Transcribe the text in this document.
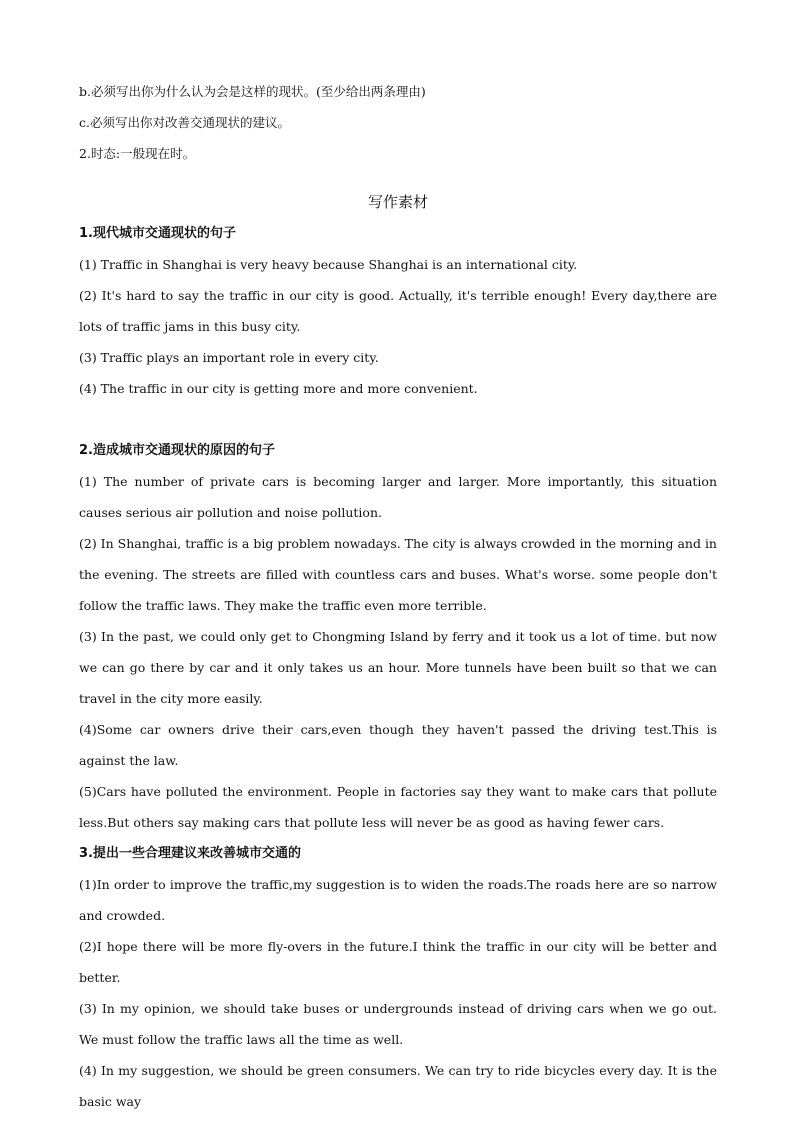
b.必须写出你为什么认为会是这样的现状。(至少给出两条理由)

c.必须写出你对改善交通现状的建议。

2.时态:一般现在时。

写作素材
1.现代城市交通现状的句子

(1) Traffic in Shanghai is very heavy because Shanghai is an international city.

(2) It's hard to say the traffic in our city is good. Actually, it's terrible enough! Every day,there are lots of traffic jams in this busy city.

(3) Traffic plays an important role in every city.

(4) The traffic in our city is getting more and more convenient.

2.造成城市交通现状的原因的句子

(1) The number of private cars is becoming larger and larger. More importantly, this situation causes serious air pollution and noise pollution.

(2) In Shanghai, traffic is a big problem nowadays. The city is always crowded in the morning and in the evening. The streets are filled with countless cars and buses. What's worse. some people don't follow the traffic laws. They make the traffic even more terrible.

(3) In the past, we could only get to Chongming Island by ferry and it took us a lot of time. but now we can go there by car and it only takes us an hour. More tunnels have been built so that we can travel in the city more easily.

(4)Some car owners drive their cars,even though they haven't passed the driving test.This is against the law.

(5)Cars have polluted the environment. People in factories say they want to make cars that pollute less.But others say making cars that pollute less will never be as good as having fewer cars.

3.提出一些合理建议来改善城市交通的

(1)In order to improve the traffic,my suggestion is to widen the roads.The roads here are so narrow and crowded.

(2)I hope there will be more fly-overs in the future.I think the traffic in our city will be better and better.

(3) In my opinion, we should take buses or undergrounds instead of driving cars when we go out. We must follow the traffic laws all the time as well.

(4) In my suggestion, we should be green consumers. We can try to ride bicycles every day. It is the basic way
